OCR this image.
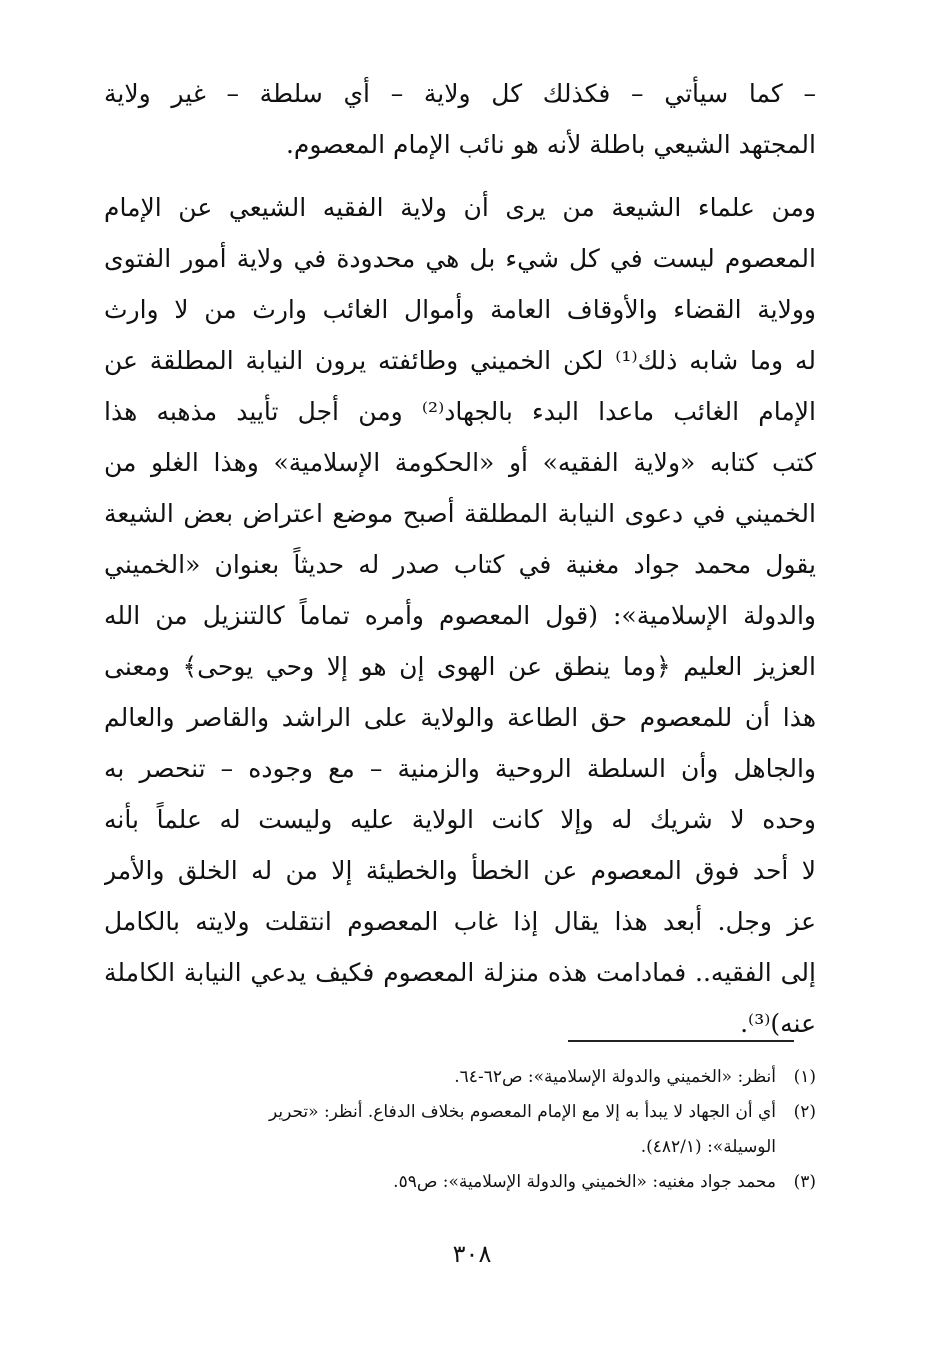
– كما سيأتي – فكذلك كل ولاية – أي سلطة – غير ولاية
المجتهد الشيعي باطلة لأنه هو نائب الإمام المعصوم.
ومن علماء الشيعة من يرى أن ولاية الفقيه الشيعي عن الإمام
المعصوم ليست في كل شيء بل هي محدودة في ولاية أمور الفتوى
وولاية القضاء والأوقاف العامة وأموال الغائب وارث من لا وارث
له وما شابه ذلك⁽¹⁾ لكن الخميني وطائفته يرون النيابة المطلقة عن
الإمام الغائب ماعدا البدء بالجهاد⁽²⁾ ومن أجل تأييد مذهبه هذا
كتب كتابه «ولاية الفقيه» أو «الحكومة الإسلامية» وهذا الغلو من
الخميني في دعوى النيابة المطلقة أصبح موضع اعتراض بعض الشيعة
يقول محمد جواد مغنية في كتاب صدر له حديثاً بعنوان «الخميني
والدولة الإسلامية»: (قول المعصوم وأمره تماماً كالتنزيل من الله
العزيز العليم ﴿وما ينطق عن الهوى إن هو إلا وحي يوحى﴾ ومعنى
هذا أن للمعصوم حق الطاعة والولاية على الراشد والقاصر والعالم
والجاهل وأن السلطة الروحية والزمنية – مع وجوده – تنحصر به
وحده لا شريك له وإلا كانت الولاية عليه وليست له علماً بأنه
لا أحد فوق المعصوم عن الخطأ والخطيئة إلا من له الخلق والأمر
عز وجل. أبعد هذا يقال إذا غاب المعصوم انتقلت ولايته بالكامل
إلى الفقيه.. فمادامت هذه منزلة المعصوم فكيف يدعي النيابة الكاملة
عنه)⁽³⁾.
(١)أنظر: «الخميني والدولة الإسلامية»: ص٦٢-٦٤.
(٢)أي أن الجهاد لا يبدأ به إلا مع الإمام المعصوم بخلاف الدفاع. أنظر: «تحرير
الوسيلة»: (٤٨٢/١).
(٣)محمد جواد مغنيه: «الخميني والدولة الإسلامية»: ص٥٩.
٣٠٨
